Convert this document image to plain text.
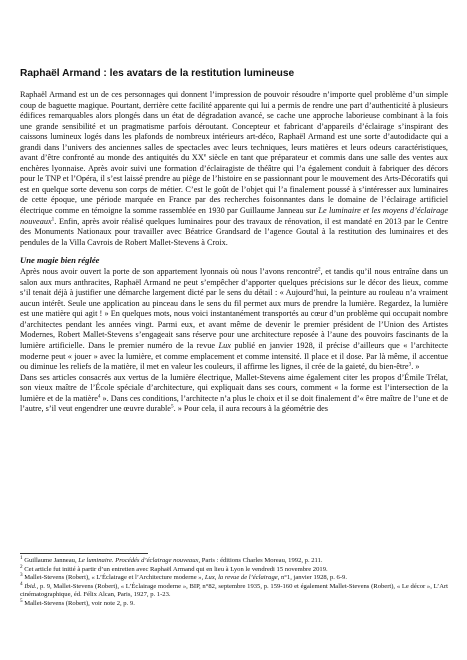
Raphaël Armand : les avatars de la restitution lumineuse

Raphaël Armand est un de ces personnages qui donnent l’impression de pouvoir résoudre n’importe quel problème d’un simple coup de baguette magique. Pourtant, derrière cette facilité apparente qui lui a permis de rendre une part d’authenticité à plusieurs édifices remarquables alors plongés dans un état de dégradation avancé, se cache une approche laborieuse combinant à la fois une grande sensibilité et un pragmatisme parfois déroutant. Concepteur et fabricant d’appareils d’éclairage s’inspirant des caissons lumineux logés dans les plafonds de nombreux intérieurs art-déco, Raphaël Armand est une sorte d’autodidacte qui a grandi dans l’univers des anciennes salles de spectacles avec leurs techniques, leurs matières et leurs odeurs caractéristiques, avant d’être confronté au monde des antiquités du XXe siècle en tant que préparateur et commis dans une salle des ventes aux enchères lyonnaise. Après avoir suivi une formation d’éclairagiste de théâtre qui l’a également conduit à fabriquer des décors pour le TNP et l’Opéra, il s’est laissé prendre au piège de l’histoire en se passionnant pour le mouvement des Arts-Décoratifs qui est en quelque sorte devenu son corps de métier. C’est le goût de l’objet qui l’a finalement poussé à s’intéresser aux luminaires de cette époque, une période marquée en France par des recherches foisonnantes dans le domaine de l’éclairage artificiel électrique comme en témoigne la somme rassemblée en 1930 par Guillaume Janneau sur Le luminaire et les moyens d’éclairage nouveaux$^1$. Enfin, après avoir réalisé quelques luminaires pour des travaux de rénovation, il est mandaté en 2013 par le Centre des Monuments Nationaux pour travailler avec Béatrice Grandsard de l’agence Goutal à la restitution des luminaires et des pendules de la Villa Cavrois de Robert Mallet-Stevens à Croix.

Une magie bien réglée

Après nous avoir ouvert la porte de son appartement lyonnais où nous l’avons rencontré$^2$, et tandis qu’il nous entraîne dans un salon aux murs anthracites, Raphaël Armand ne peut s’empêcher d’apporter quelques précisions sur le décor des lieux, comme s’il tenait déjà à justifier une démarche largement dicté par le sens du détail : « Aujourd’hui, la peinture au rouleau n’a vraiment aucun intérêt. Seule une application au pinceau dans le sens du fil permet aux murs de prendre la lumière. Regardez, la lumière est une matière qui agit ! » En quelques mots, nous voici instantanément transportés au cœur d’un problème qui occupait nombre d’architectes pendant les années vingt. Parmi eux, et avant même de devenir le premier président de l’Union des Artistes Modernes, Robert Mallet-Stevens s’engageait sans réserve pour une architecture reposée à l’aune des pouvoirs fascinants de la lumière artificielle. Dans le premier numéro de la revue Lux publié en janvier 1928, il précise d’ailleurs que « l’architecte moderne peut « jouer » avec la lumière, et comme emplacement et comme intensité. Il place et il dose. Par là même, il accentue ou diminue les reliefs de la matière, il met en valeur les couleurs, il affirme les lignes, il crée de la gaieté, du bien-être$^3$. »

Dans ses articles consacrés aux vertus de la lumière électrique, Mallet-Stevens aime également citer les propos d’Émile Trélat, son vieux maître de l’École spéciale d’architecture, qui expliquait dans ses cours, comment « la forme est l’intersection de la lumière et de la matière$^4$ ». Dans ces conditions, l’architecte n’a plus le choix et il se doit finalement d’« être maître de l’une et de l’autre, s’il veut engendrer une œuvre durable$^5$. » Pour cela, il aura recours à la géométrie des

$^1$ Guillaume Janneau, Le luminaire. Procédés d’éclairage nouveaux, Paris : éditions Charles Moreau, 1992, p. 211.

$^2$ Cet article fut initié à partir d’un entretien avec Raphaël Armand qui en lieu à Lyon le vendredi 15 novembre 2019.

$^3$ Mallet-Stevens (Robert), « L’Éclairage et l’Architecture moderne », Lux, la revue de l’éclairage, n°1, janvier 1928, p. 6-9.

$^4$ Ibid., p. 9, Mallet-Stevens (Robert), « L’Éclairage moderne », BIP, n°82, septembre 1935, p. 159-160 et également Mallet-Stevens (Robert), « Le décor », L’Art cinématographique, éd. Félix Alcan, Paris, 1927, p. 1-23.

$^5$ Mallet-Stevens (Robert), voir note 2, p. 9.
